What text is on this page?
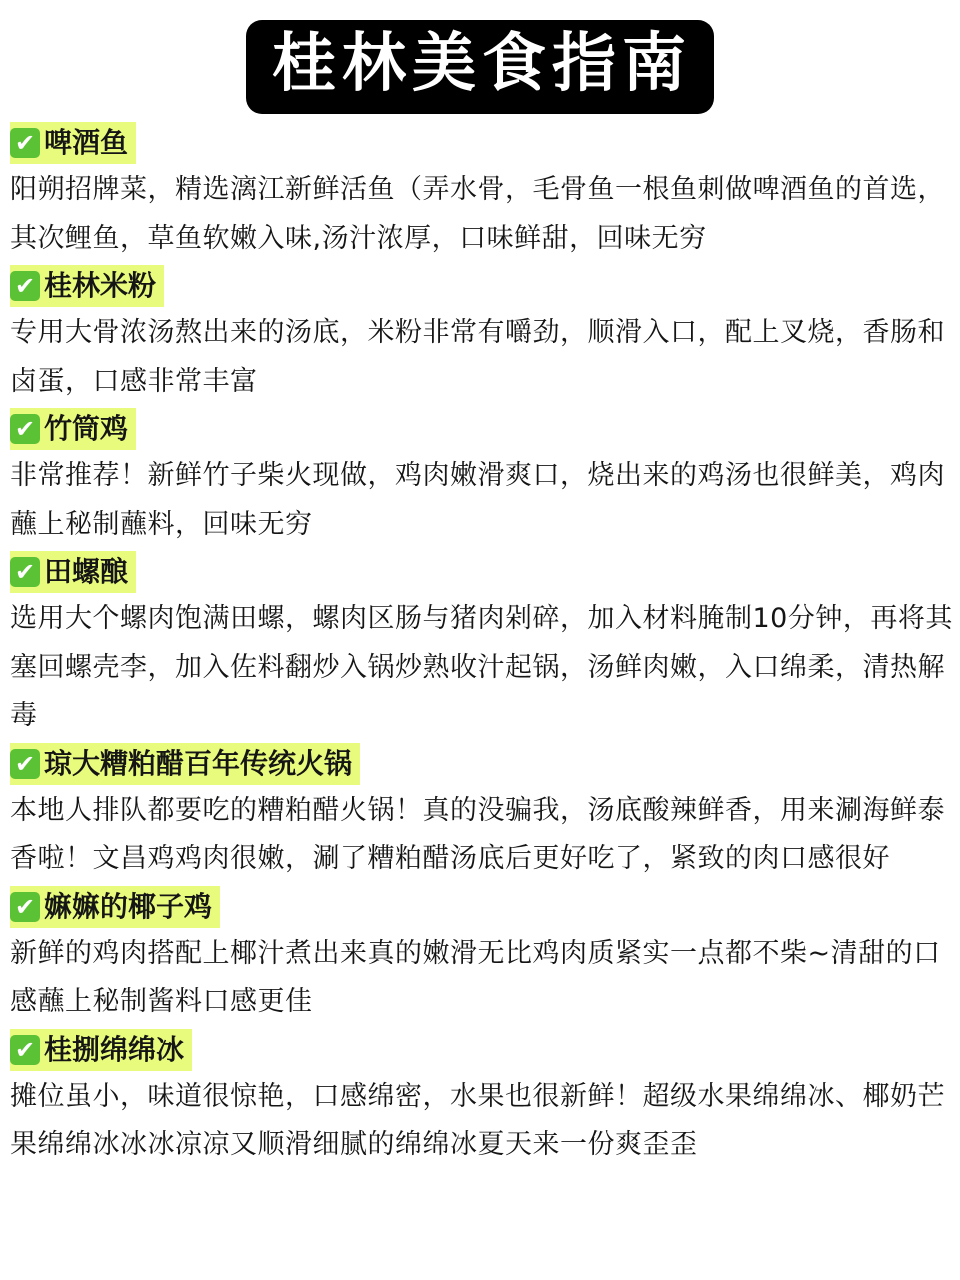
桂林美食指南
✔ 啤酒鱼
阳朔招牌菜，精选漓江新鲜活鱼（弄水骨，毛骨鱼一根鱼刺做啤酒鱼的首选，其次鲤鱼，草鱼软嫩入味,汤汁浓厚，口味鲜甜，回味无穷
✔ 桂林米粉
专用大骨浓汤熬出来的汤底，米粉非常有嚼劲，顺滑入口，配上叉烧，香肠和卤蛋，口感非常丰富
✔ 竹筒鸡
非常推荐！新鲜竹子柴火现做，鸡肉嫩滑爽口，烧出来的鸡汤也很鲜美，鸡肉蘸上秘制蘸料，回味无穷
✔ 田螺酿
选用大个螺肉饱满田螺，螺肉区肠与猪肉剁碎，加入材料腌制10分钟，再将其塞回螺壳李，加入佐料翻炒入锅炒熟收汁起锅，汤鲜肉嫩，入口绵柔，清热解毒
✔ 琼大糟粕醋百年传统火锅
本地人排队都要吃的糟粕醋火锅！真的没骗我，汤底酸辣鲜香，用来涮海鲜泰香啦！文昌鸡鸡肉很嫩，涮了糟粕醋汤底后更好吃了，紧致的肉口感很好
✔ 嫲嫲的椰子鸡
新鲜的鸡肉搭配上椰汁煮出来真的嫩滑无比鸡肉质紧实一点都不柴~清甜的口感蘸上秘制酱料口感更佳
✔ 桂捌绵绵冰
摊位虽小，味道很惊艳，口感绵密，水果也很新鲜！超级水果绵绵冰、椰奶芒果绵绵冰冰冰凉凉又顺滑细腻的绵绵冰夏天来一份爽歪歪
